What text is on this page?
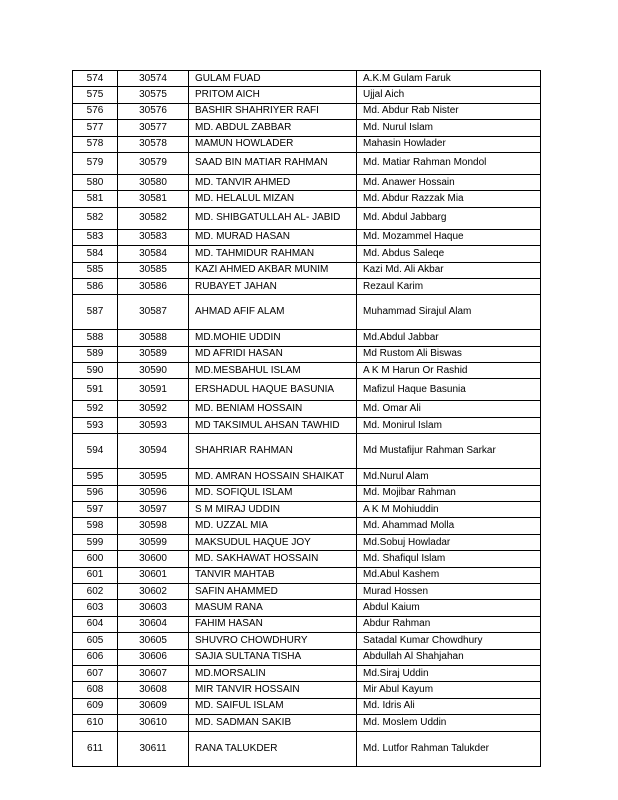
574	30574	GULAM FUAD	A.K.M Gulam Faruk
575	30575	PRITOM AICH	Ujjal Aich
576	30576	BASHIR SHAHRIYER RAFI	Md. Abdur Rab Nister
577	30577	MD. ABDUL ZABBAR	Md. Nurul Islam
578	30578	MAMUN HOWLADER	Mahasin Howlader
579	30579	SAAD BIN MATIAR RAHMAN	Md. Matiar Rahman Mondol
580	30580	MD. TANVIR AHMED	Md. Anawer Hossain
581	30581	MD. HELALUL MIZAN	Md. Abdur Razzak Mia
582	30582	MD. SHIBGATULLAH AL- JABID	Md. Abdul Jabbarg
583	30583	MD. MURAD HASAN	Md. Mozammel Haque
584	30584	MD. TAHMIDUR RAHMAN	Md. Abdus Saleqe
585	30585	KAZI AHMED AKBAR MUNIM	Kazi Md. Ali Akbar
586	30586	RUBAYET JAHAN	Rezaul Karim
587	30587	AHMAD AFIF ALAM	Muhammad Sirajul Alam
588	30588	MD.MOHIE UDDIN	Md.Abdul Jabbar
589	30589	MD AFRIDI HASAN	Md Rustom Ali Biswas
590	30590	MD.MESBAHUL ISLAM	A K M Harun Or Rashid
591	30591	ERSHADUL HAQUE BASUNIA	Mafizul Haque Basunia
592	30592	MD. BENIAM HOSSAIN	Md. Omar Ali
593	30593	MD TAKSIMUL AHSAN TAWHID	Md. Monirul Islam
594	30594	SHAHRIAR RAHMAN	Md Mustafijur Rahman Sarkar
595	30595	MD. AMRAN HOSSAIN SHAIKAT	Md.Nurul Alam
596	30596	MD. SOFIQUL ISLAM	Md. Mojibar Rahman
597	30597	S M MIRAJ UDDIN	A K M Mohiuddin
598	30598	MD. UZZAL MIA	Md. Ahammad Molla
599	30599	MAKSUDUL HAQUE JOY	Md.Sobuj Howladar
600	30600	MD. SAKHAWAT HOSSAIN	Md. Shafiqul Islam
601	30601	TANVIR MAHTAB	Md.Abul Kashem
602	30602	SAFIN AHAMMED	Murad Hossen
603	30603	MASUM RANA	Abdul Kaium
604	30604	FAHIM HASAN	Abdur Rahman
605	30605	SHUVRO CHOWDHURY	Satadal Kumar Chowdhury
606	30606	SAJIA SULTANA TISHA	Abdullah Al Shahjahan
607	30607	MD.MORSALIN	Md.Siraj Uddin
608	30608	MIR TANVIR HOSSAIN	Mir Abul Kayum
609	30609	MD. SAIFUL ISLAM	Md. Idris Ali
610	30610	MD. SADMAN SAKIB	Md. Moslem Uddin
611	30611	RANA TALUKDER	Md. Lutfor Rahman Talukder
